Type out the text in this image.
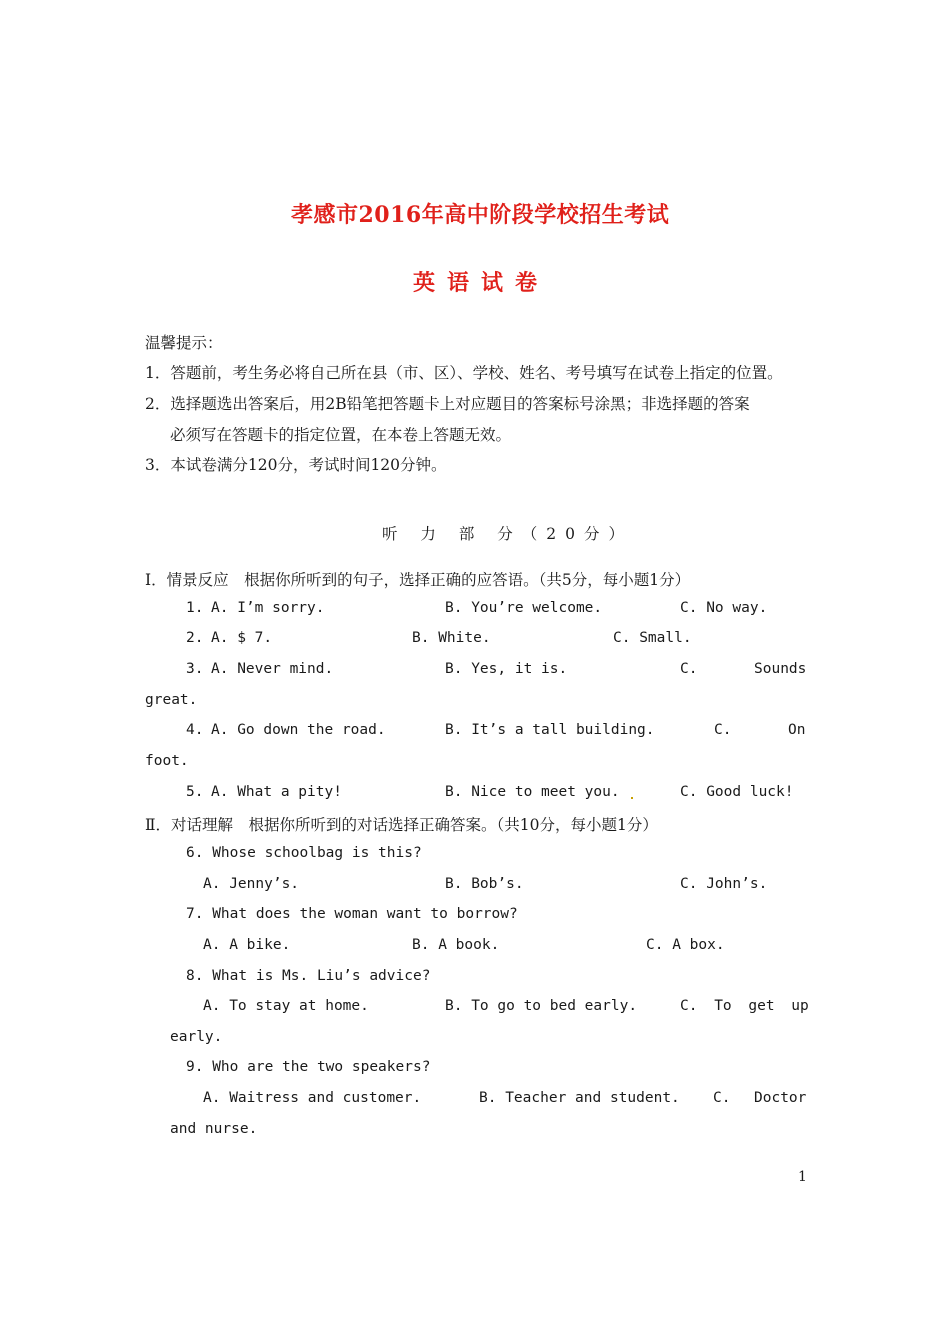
孝感市2016年高中阶段学校招生考试
英语试卷
温馨提示：
1．答题前，考生务必将自己所在县（市、区）、学校、姓名、考号填写在试卷上指定的位置。
2．选择题选出答案后，用2B铅笔把答题卡上对应题目的答案标号涂黑；非选择题的答案
必须写在答题卡的指定位置，在本卷上答题无效。
3．本试卷满分120分，考试时间120分钟。
听 力 部 分（20分）
Ⅰ．情景反应　根据你所听到的句子，选择正确的应答语。（共5分，每小题1分）
1. A. I’m sorry.	B. You’re welcome.	C. No way.
2. A. $ 7.	B. White.	C. Small.
3. A. Never mind.	B. Yes, it is.	C.	Sounds
great.
4. A. Go down the road.	B. It’s a tall building.	C.	On
foot.
5. A. What a pity!	B. Nice to meet you.	C. Good luck!
Ⅱ．对话理解　根据你所听到的对话选择正确答案。（共10分，每小题1分）
6. Whose schoolbag is this?
A. Jenny’s.	B. Bob’s.	C. John’s.
7. What does the woman want to borrow?
A. A bike.	B. A book.	C. A box.
8. What is Ms. Liu’s advice?
A. To stay at home.	B. To go to bed early.	C. To get up
early.
9. Who are the two speakers?
A. Waitress and customer.	B. Teacher and student. C. Doctor
and nurse.
1
